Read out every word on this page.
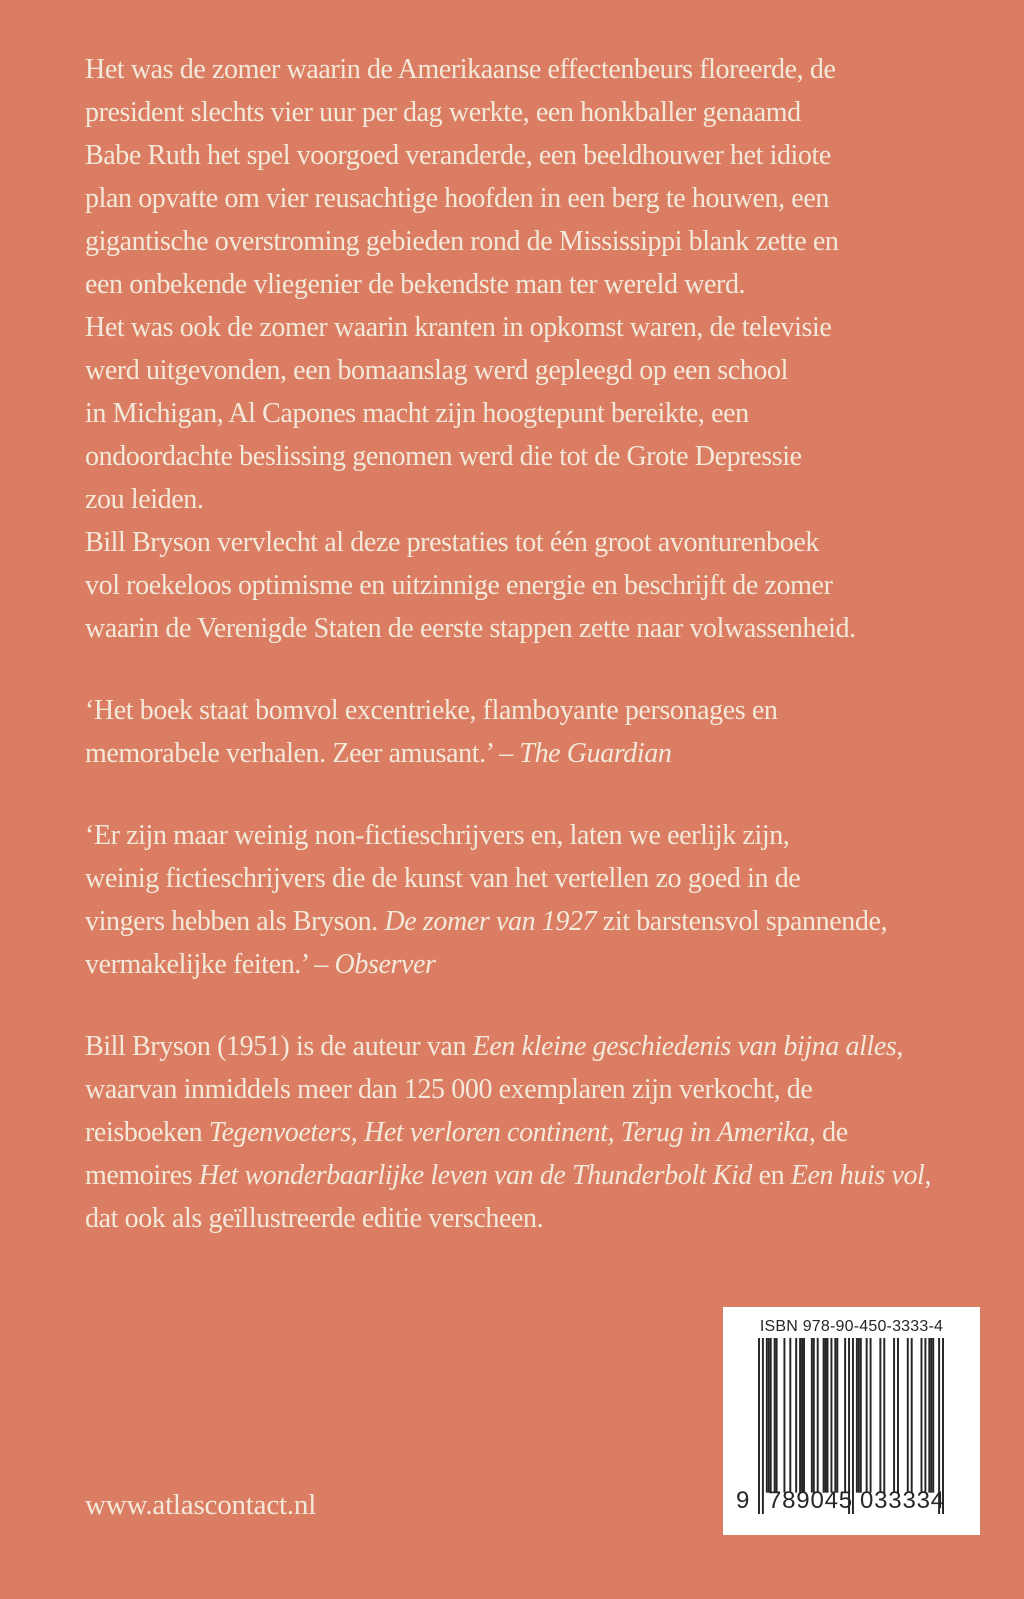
Het was de zomer waarin de Amerikaanse effectenbeurs floreerde, de
president slechts vier uur per dag werkte, een honkballer genaamd
Babe Ruth het spel voorgoed veranderde, een beeldhouwer het idiote
plan opvatte om vier reusachtige hoofden in een berg te houwen, een
gigantische overstroming gebieden rond de Mississippi blank zette en
een onbekende vliegenier de bekendste man ter wereld werd.
Het was ook de zomer waarin kranten in opkomst waren, de televisie
werd uitgevonden, een bomaanslag werd gepleegd op een school
in Michigan, Al Capones macht zijn hoogtepunt bereikte, een
ondoordachte beslissing genomen werd die tot de Grote Depressie
zou leiden.
Bill Bryson vervlecht al deze prestaties tot één groot avonturenboek
vol roekeloos optimisme en uitzinnige energie en beschrijft de zomer
waarin de Verenigde Staten de eerste stappen zette naar volwassenheid.
‘Het boek staat bomvol excentrieke, flamboyante personages en
memorabele verhalen. Zeer amusant.’ – The Guardian
‘Er zijn maar weinig non-fictieschrijvers en, laten we eerlijk zijn,
weinig fictieschrijvers die de kunst van het vertellen zo goed in de
vingers hebben als Bryson. De zomer van 1927 zit barstensvol spannende,
vermakelijke feiten.’ – Observer
Bill Bryson (1951) is de auteur van Een kleine geschiedenis van bijna alles,
waarvan inmiddels meer dan 125 000 exemplaren zijn verkocht, de
reisboeken Tegenvoeters, Het verloren continent, Terug in Amerika, de
memoires Het wonderbaarlijke leven van de Thunderbolt Kid en Een huis vol,
dat ook als geïllustreerde editie verscheen.
www.atlascontact.nl
ISBN 978-90-450-3333-4
9 789045 033334
